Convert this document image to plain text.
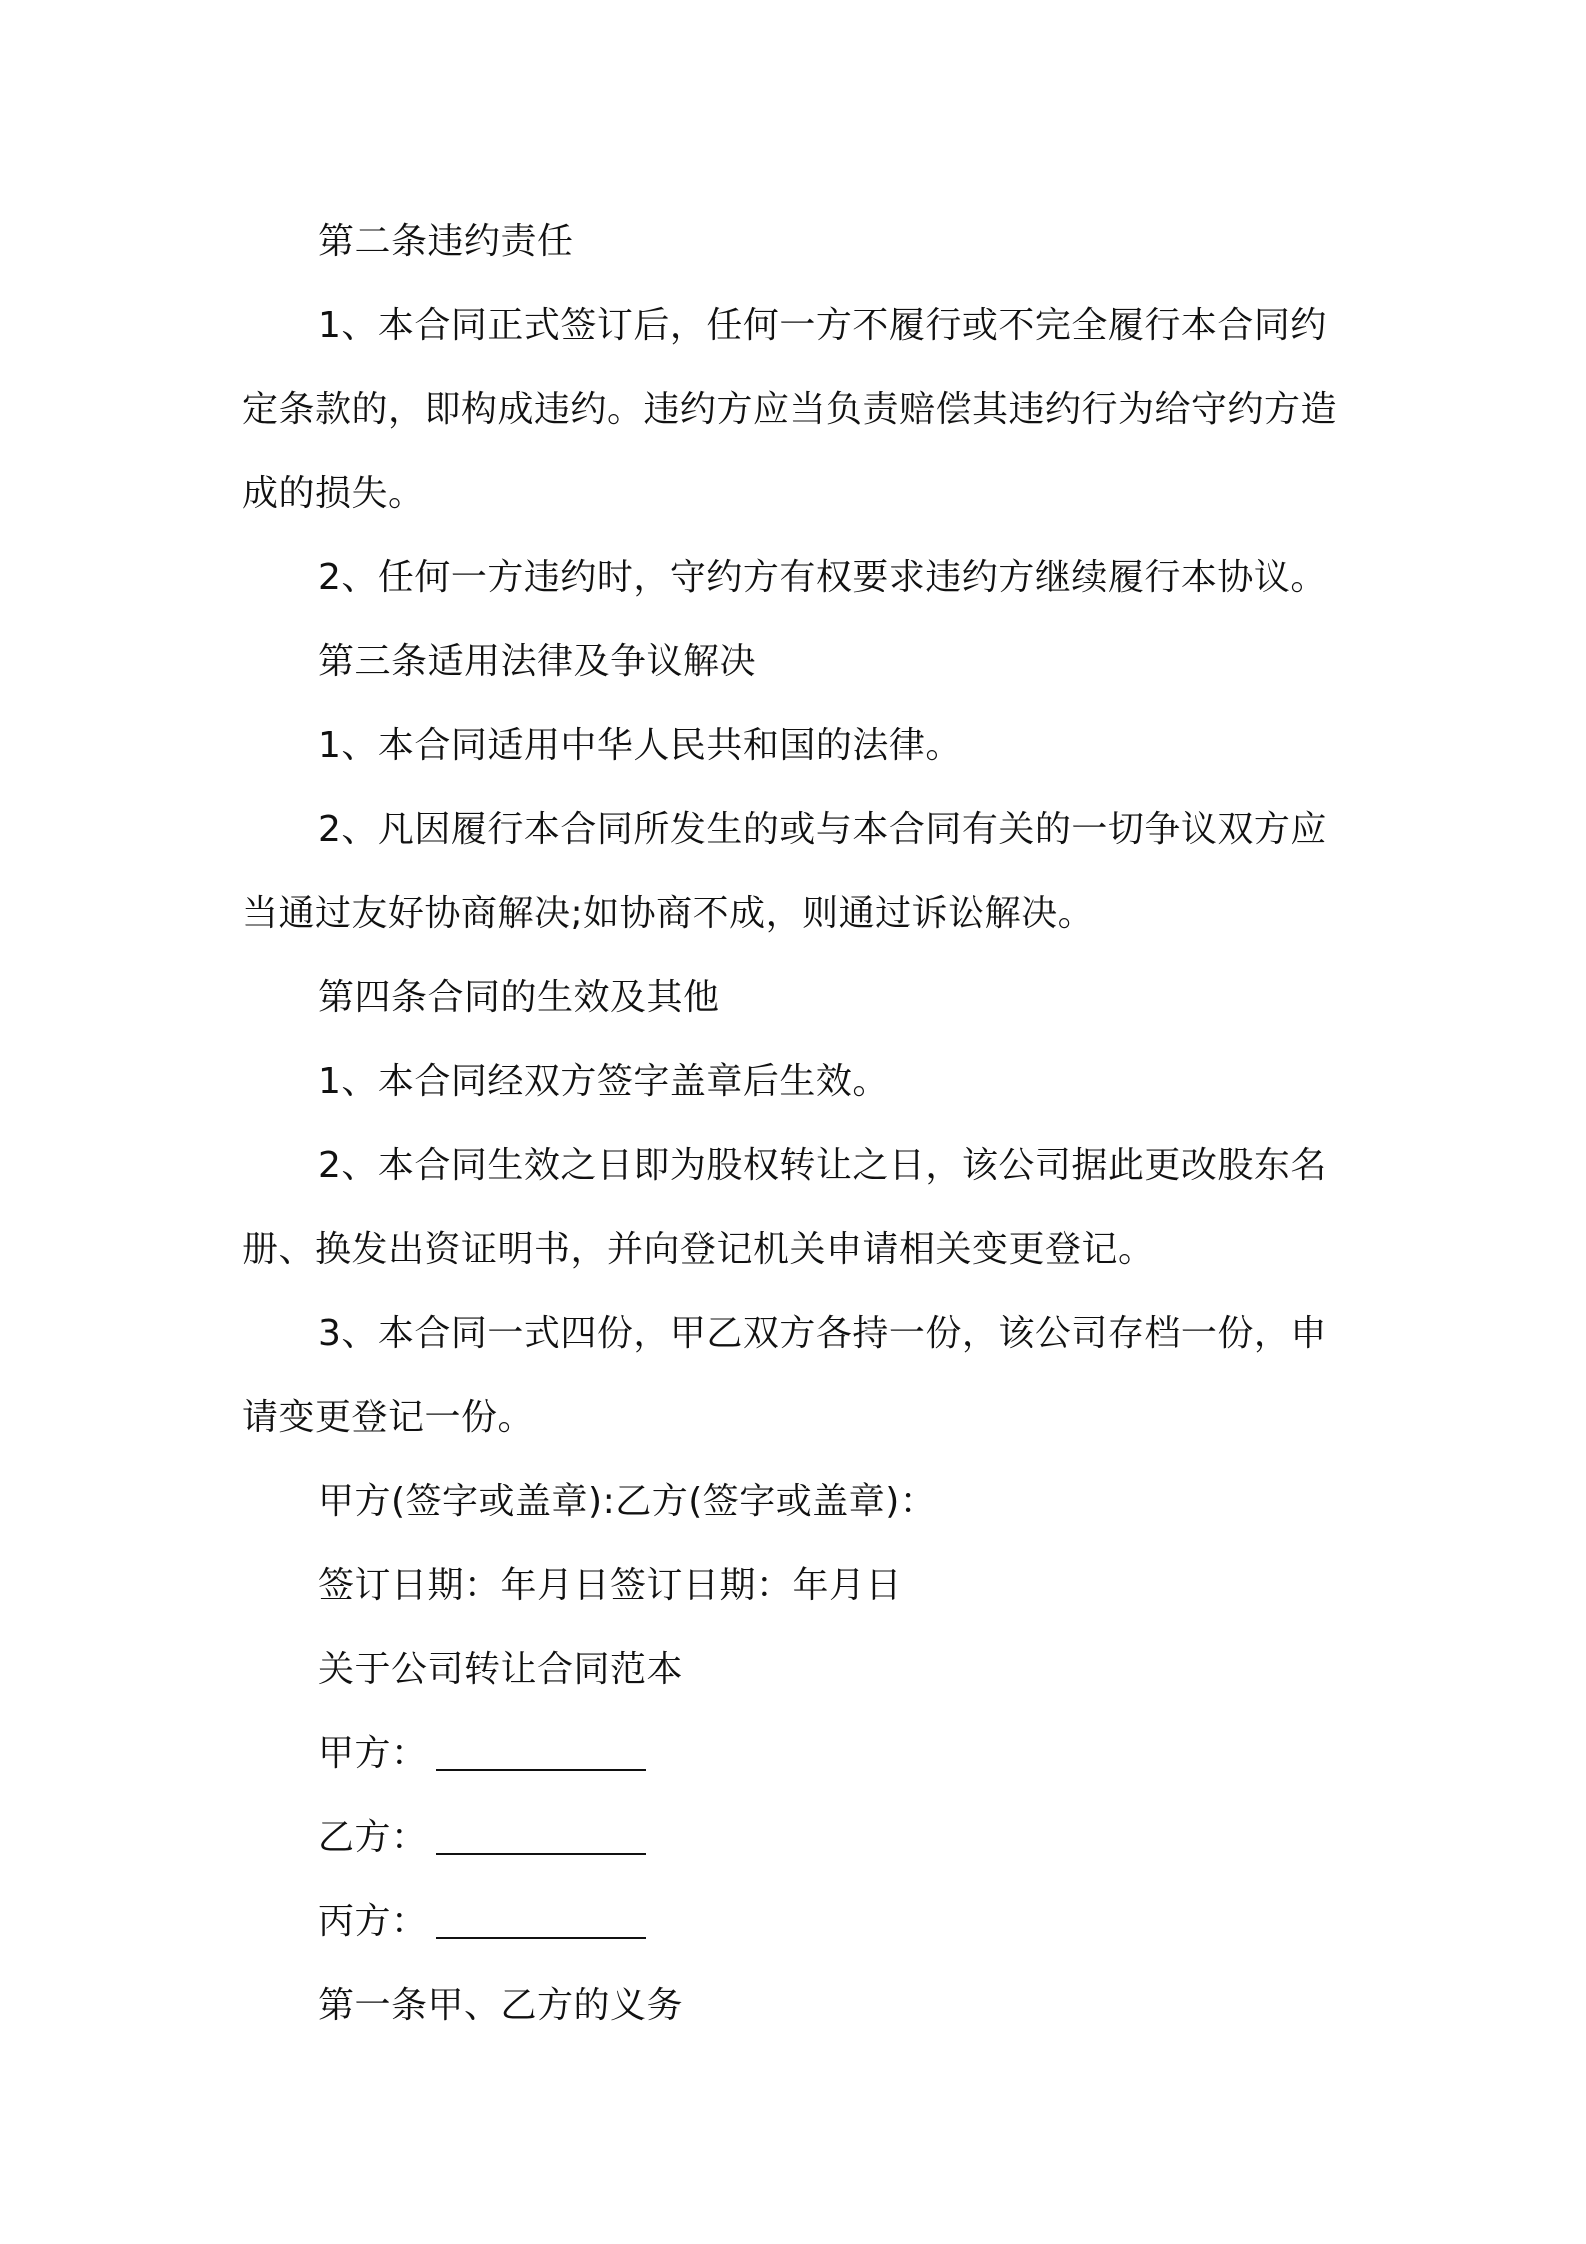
第二条违约责任
1、本合同正式签订后，任何一方不履行或不完全履行本合同约
定条款的，即构成违约。违约方应当负责赔偿其违约行为给守约方造
成的损失。
2、任何一方违约时，守约方有权要求违约方继续履行本协议。
第三条适用法律及争议解决
1、本合同适用中华人民共和国的法律。
2、凡因履行本合同所发生的或与本合同有关的一切争议双方应
当通过友好协商解决;如协商不成，则通过诉讼解决。
第四条合同的生效及其他
1、本合同经双方签字盖章后生效。
2、本合同生效之日即为股权转让之日，该公司据此更改股东名
册、换发出资证明书，并向登记机关申请相关变更登记。
3、本合同一式四份，甲乙双方各持一份，该公司存档一份，申
请变更登记一份。
甲方(签字或盖章):乙方(签字或盖章)：
签订日期：年月日签订日期：年月日
关于公司转让合同范本
甲方：
乙方：
丙方：
第一条甲、乙方的义务
